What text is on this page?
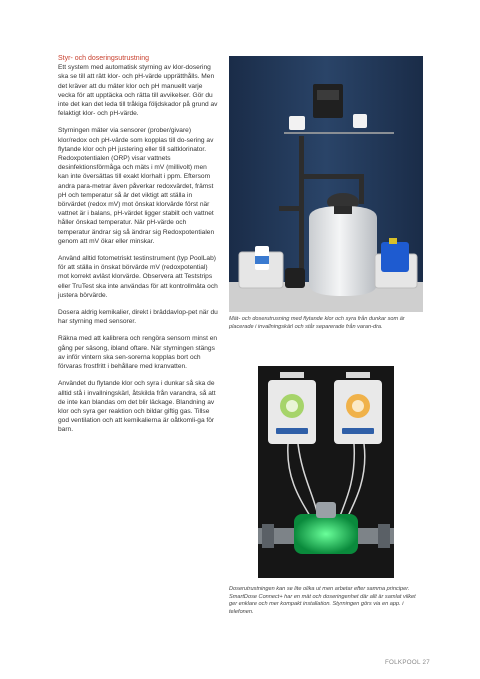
Styr- och doseringsutrustning
Ett system med automatisk styrning av klor-dosering ska se till att rätt klor- och pH-värde upprätthålls. Men det kräver att du mäter klor och pH manuellt varje vecka för att upptäcka och rätta till avvikelser. Gör du inte det kan det leda till tråkiga följdskador på grund av felaktigt klor- och pH-värde.

Styrningen mäter via sensorer (prober/givare) klor/redox och pH-värde som kopplas till do-sering av flytande klor och pH justering eller till saltklorinator. Redoxpotentialen (ORP) visar vattnets desinfektionsförmåga och mäts i mV (millivolt) men kan inte översättas till exakt klorhalt i ppm. Eftersom andra para-metrar även påverkar redoxvärdet, främst pH och temperatur så är det viktigt att ställa in börvärdet (redox mV) mot önskat klorvärde först när vattnet är i balans, pH-värdet ligger stabilt och vattnet håller önskad temperatur. När pH-värde och temperatur ändrar sig så ändrar sig Redoxpotentialen genom att mV ökar eller minskar.

Använd alltid fotometriskt testinstrument (typ PoolLab) för att ställa in önskat börvärde mV (redoxpotential) mot korrekt avläst klorvärde. Observera att Teststrips eller TruTest ska inte användas för att kontrollmäta och justera börvärde.

Dosera aldrig kemikalier, direkt i bräddavlop-pet när du har styrning med sensorer.

Räkna med att kalibrera och rengöra sensorn minst en gång per säsong, ibland oftare. När styrningen stängs av inför vintern ska sen-sorerna kopplas bort och förvaras frostfritt i behållare med kranvatten.

Användet du flytande klor och syra i dunkar så ska de alltid stå i invallningskärl, åtskilda från varandra, så att de inte kan blandas om det blir läckage. Blandning av klor och syra ger reaktion och bildar giftig gas. Tillse god ventilation och att kemikalierna är oåtkomli-ga för barn.

Mät- och doserutrusning med flytande klor och syra från dunkar som är placerade i invallningskärl och står separerade från varan-dra.
Doserutrustningen kan se lite olika ut men arbetar efter samma principer. SmartDose Connect+ har en mät och doseringenhet där allt är samlat vilket ger enklare och mer kompakt installation. Styrningen görs via en app. i telefonen.
FOLKPOOL 27
